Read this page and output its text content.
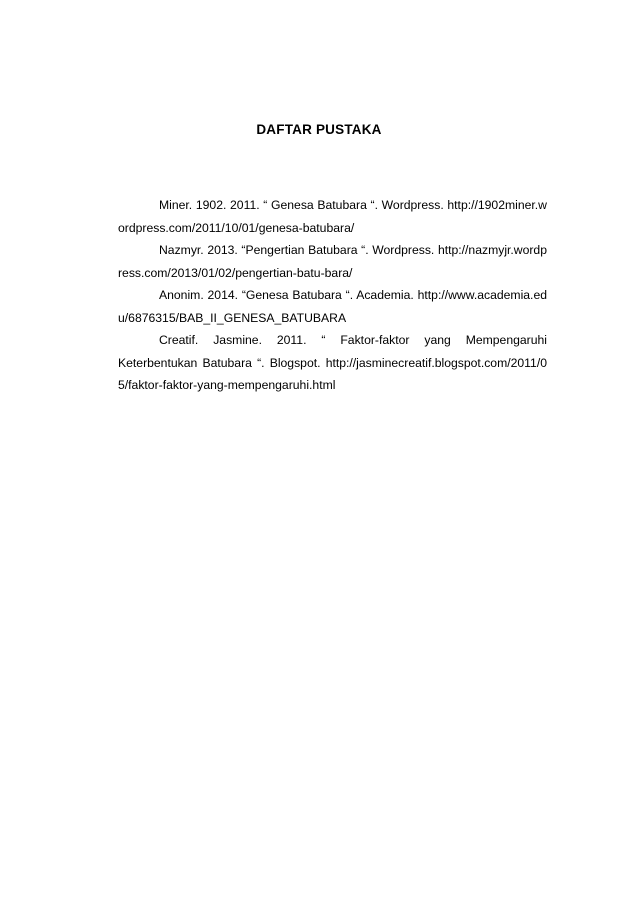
DAFTAR PUSTAKA

Miner. 1902. 2011. “ Genesa Batubara “. Wordpress. http://1902miner.wordpress.com/2011/10/01/genesa-batubara/

Nazmyr. 2013. “Pengertian Batubara “. Wordpress. http://nazmyjr.wordpress.com/2013/01/02/pengertian-batu-bara/

Anonim. 2014. “Genesa Batubara “. Academia. http://www.academia.edu/6876315/BAB_II_GENESA_BATUBARA

Creatif. Jasmine. 2011. “ Faktor-faktor yang Mempengaruhi Keterbentukan Batubara “. Blogspot. http://jasminecreatif.blogspot.com/2011/05/faktor-faktor-yang-mempengaruhi.html
